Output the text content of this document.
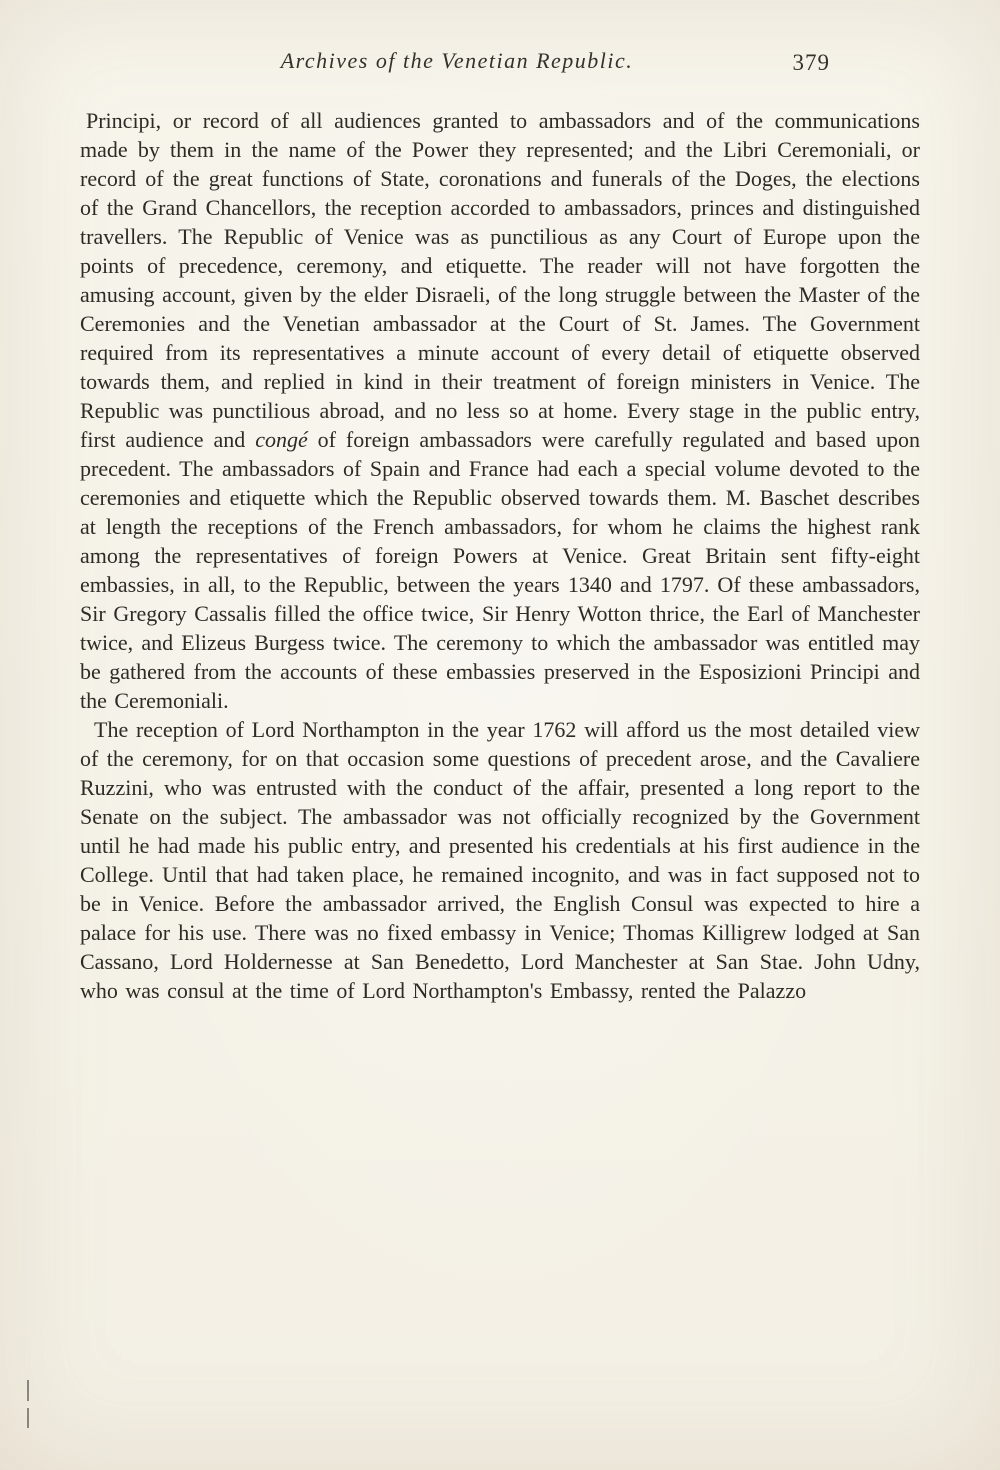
Archives of the Venetian Republic.	379

Principi, or record of all audiences granted to ambassadors and of the communications made by them in the name of the Power they represented; and the Libri Ceremoniali, or record of the great functions of State, coronations and funerals of the Doges, the elections of the Grand Chancellors, the reception accorded to ambassadors, princes and distinguished travellers. The Republic of Venice was as punctilious as any Court of Europe upon the points of precedence, ceremony, and etiquette. The reader will not have forgotten the amusing account, given by the elder Disraeli, of the long struggle between the Master of the Ceremonies and the Venetian ambassador at the Court of St. James. The Government required from its representatives a minute account of every detail of etiquette observed towards them, and replied in kind in their treatment of foreign ministers in Venice. The Republic was punctilious abroad, and no less so at home. Every stage in the public entry, first audience and congé of foreign ambassadors were carefully regulated and based upon precedent. The ambassadors of Spain and France had each a special volume devoted to the ceremonies and etiquette which the Republic observed towards them. M. Baschet describes at length the receptions of the French ambassadors, for whom he claims the highest rank among the representatives of foreign Powers at Venice. Great Britain sent fifty-eight embassies, in all, to the Republic, between the years 1340 and 1797. Of these ambassadors, Sir Gregory Cassalis filled the office twice, Sir Henry Wotton thrice, the Earl of Manchester twice, and Elizeus Burgess twice. The ceremony to which the ambassador was entitled may be gathered from the accounts of these embassies preserved in the Esposizioni Principi and the Ceremoniali.

The reception of Lord Northampton in the year 1762 will afford us the most detailed view of the ceremony, for on that occasion some questions of precedent arose, and the Cavaliere Ruzzini, who was entrusted with the conduct of the affair, presented a long report to the Senate on the subject. The ambassador was not officially recognized by the Government until he had made his public entry, and presented his credentials at his first audience in the College. Until that had taken place, he remained incognito, and was in fact supposed not to be in Venice. Before the ambassador arrived, the English Consul was expected to hire a palace for his use. There was no fixed embassy in Venice; Thomas Killigrew lodged at San Cassano, Lord Holdernesse at San Benedetto, Lord Manchester at San Stae. John Udny, who was consul at the time of Lord Northampton's Embassy, rented the Palazzo
